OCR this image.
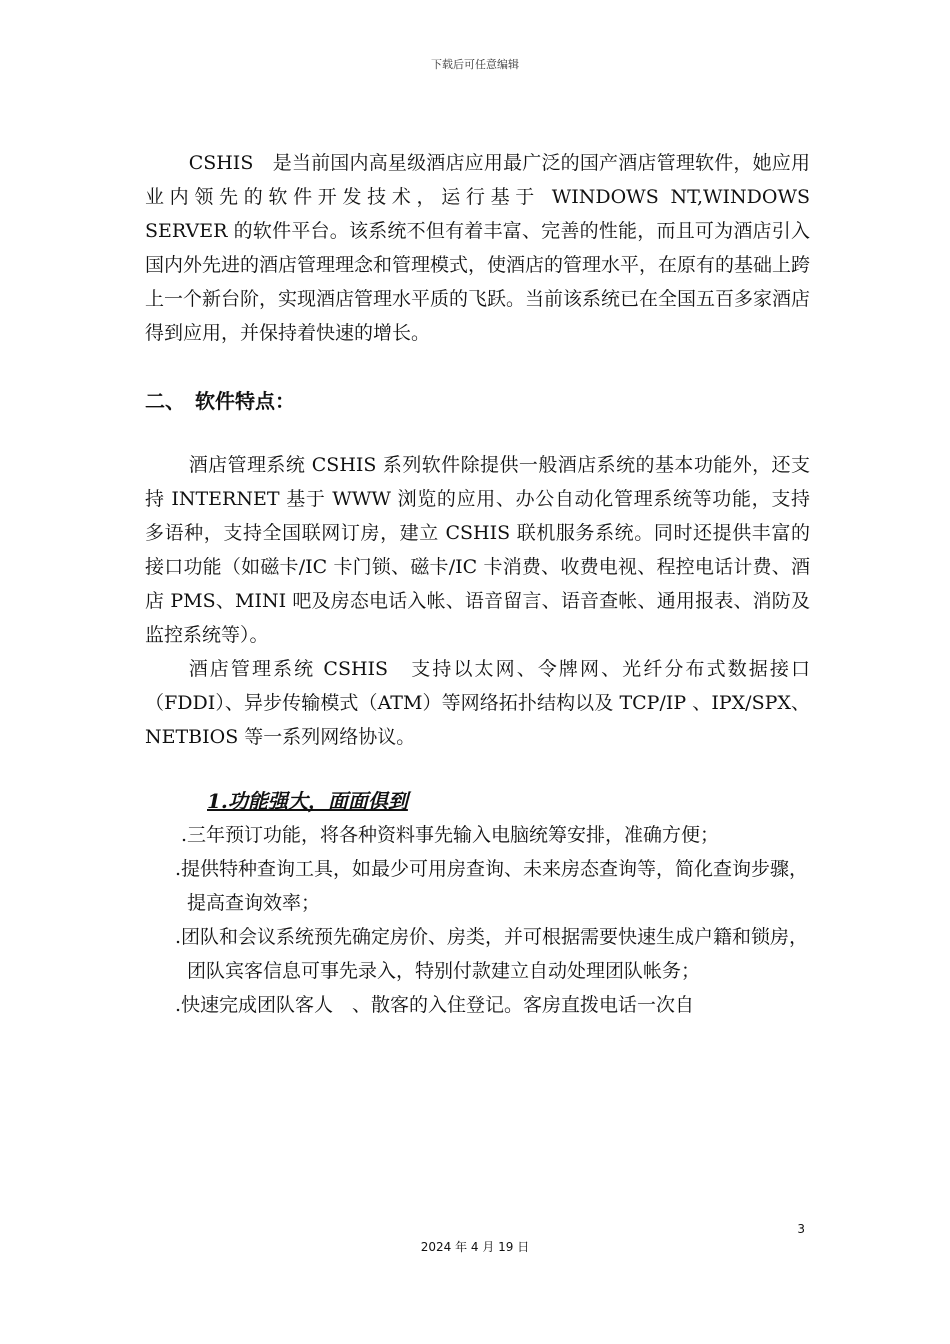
下载后可任意编辑

CSHIS　是当前国内高星级酒店应用最广泛的国产酒店管理软件，她应用业内领先的软件开发技术，运行基于 WINDOWS NT,WINDOWS　　SERVER 的软件平台。该系统不但有着丰富、完善的性能，而且可为酒店引入国内外先进的酒店管理理念和管理模式，使酒店的管理水平，在原有的基础上跨上一个新台阶，实现酒店管理水平质的飞跃。当前该系统已在全国五百多家酒店得到应用，并保持着快速的增长。

二、　软件特点：

酒店管理系统 CSHIS 系列软件除提供一般酒店系统的基本功能外，还支持 INTERNET 基于 WWW 浏览的应用、办公自动化管理系统等功能，支持多语种，支持全国联网订房，建立 CSHIS 联机服务系统。同时还提供丰富的接口功能（如磁卡/IC 卡门锁、磁卡/IC 卡消费、收费电视、程控电话计费、酒店 PMS、MINI 吧及房态电话入帐、语音留言、语音查帐、通用报表、消防及监控系统等）。

酒店管理系统 CSHIS　支持以太网、令牌网、光纤分布式数据接口（FDDI）、异步传输模式（ATM）等网络拓扑结构以及 TCP/IP 、IPX/SPX、NETBIOS 等一系列网络协议。

1.功能强大，面面俱到
.三年预订功能，将各种资料事先输入电脑统筹安排，准确方便；
.提供特种查询工具，如最少可用房查询、未来房态查询等，简化查询步骤，提高查询效率；
.团队和会议系统预先确定房价、房类，并可根据需要快速生成户籍和锁房，团队宾客信息可事先录入，特别付款建立自动处理团队帐务；
.快速完成团队客人　、散客的入住登记。客房直拨电话一次自
3
2024 年 4 月 19 日
